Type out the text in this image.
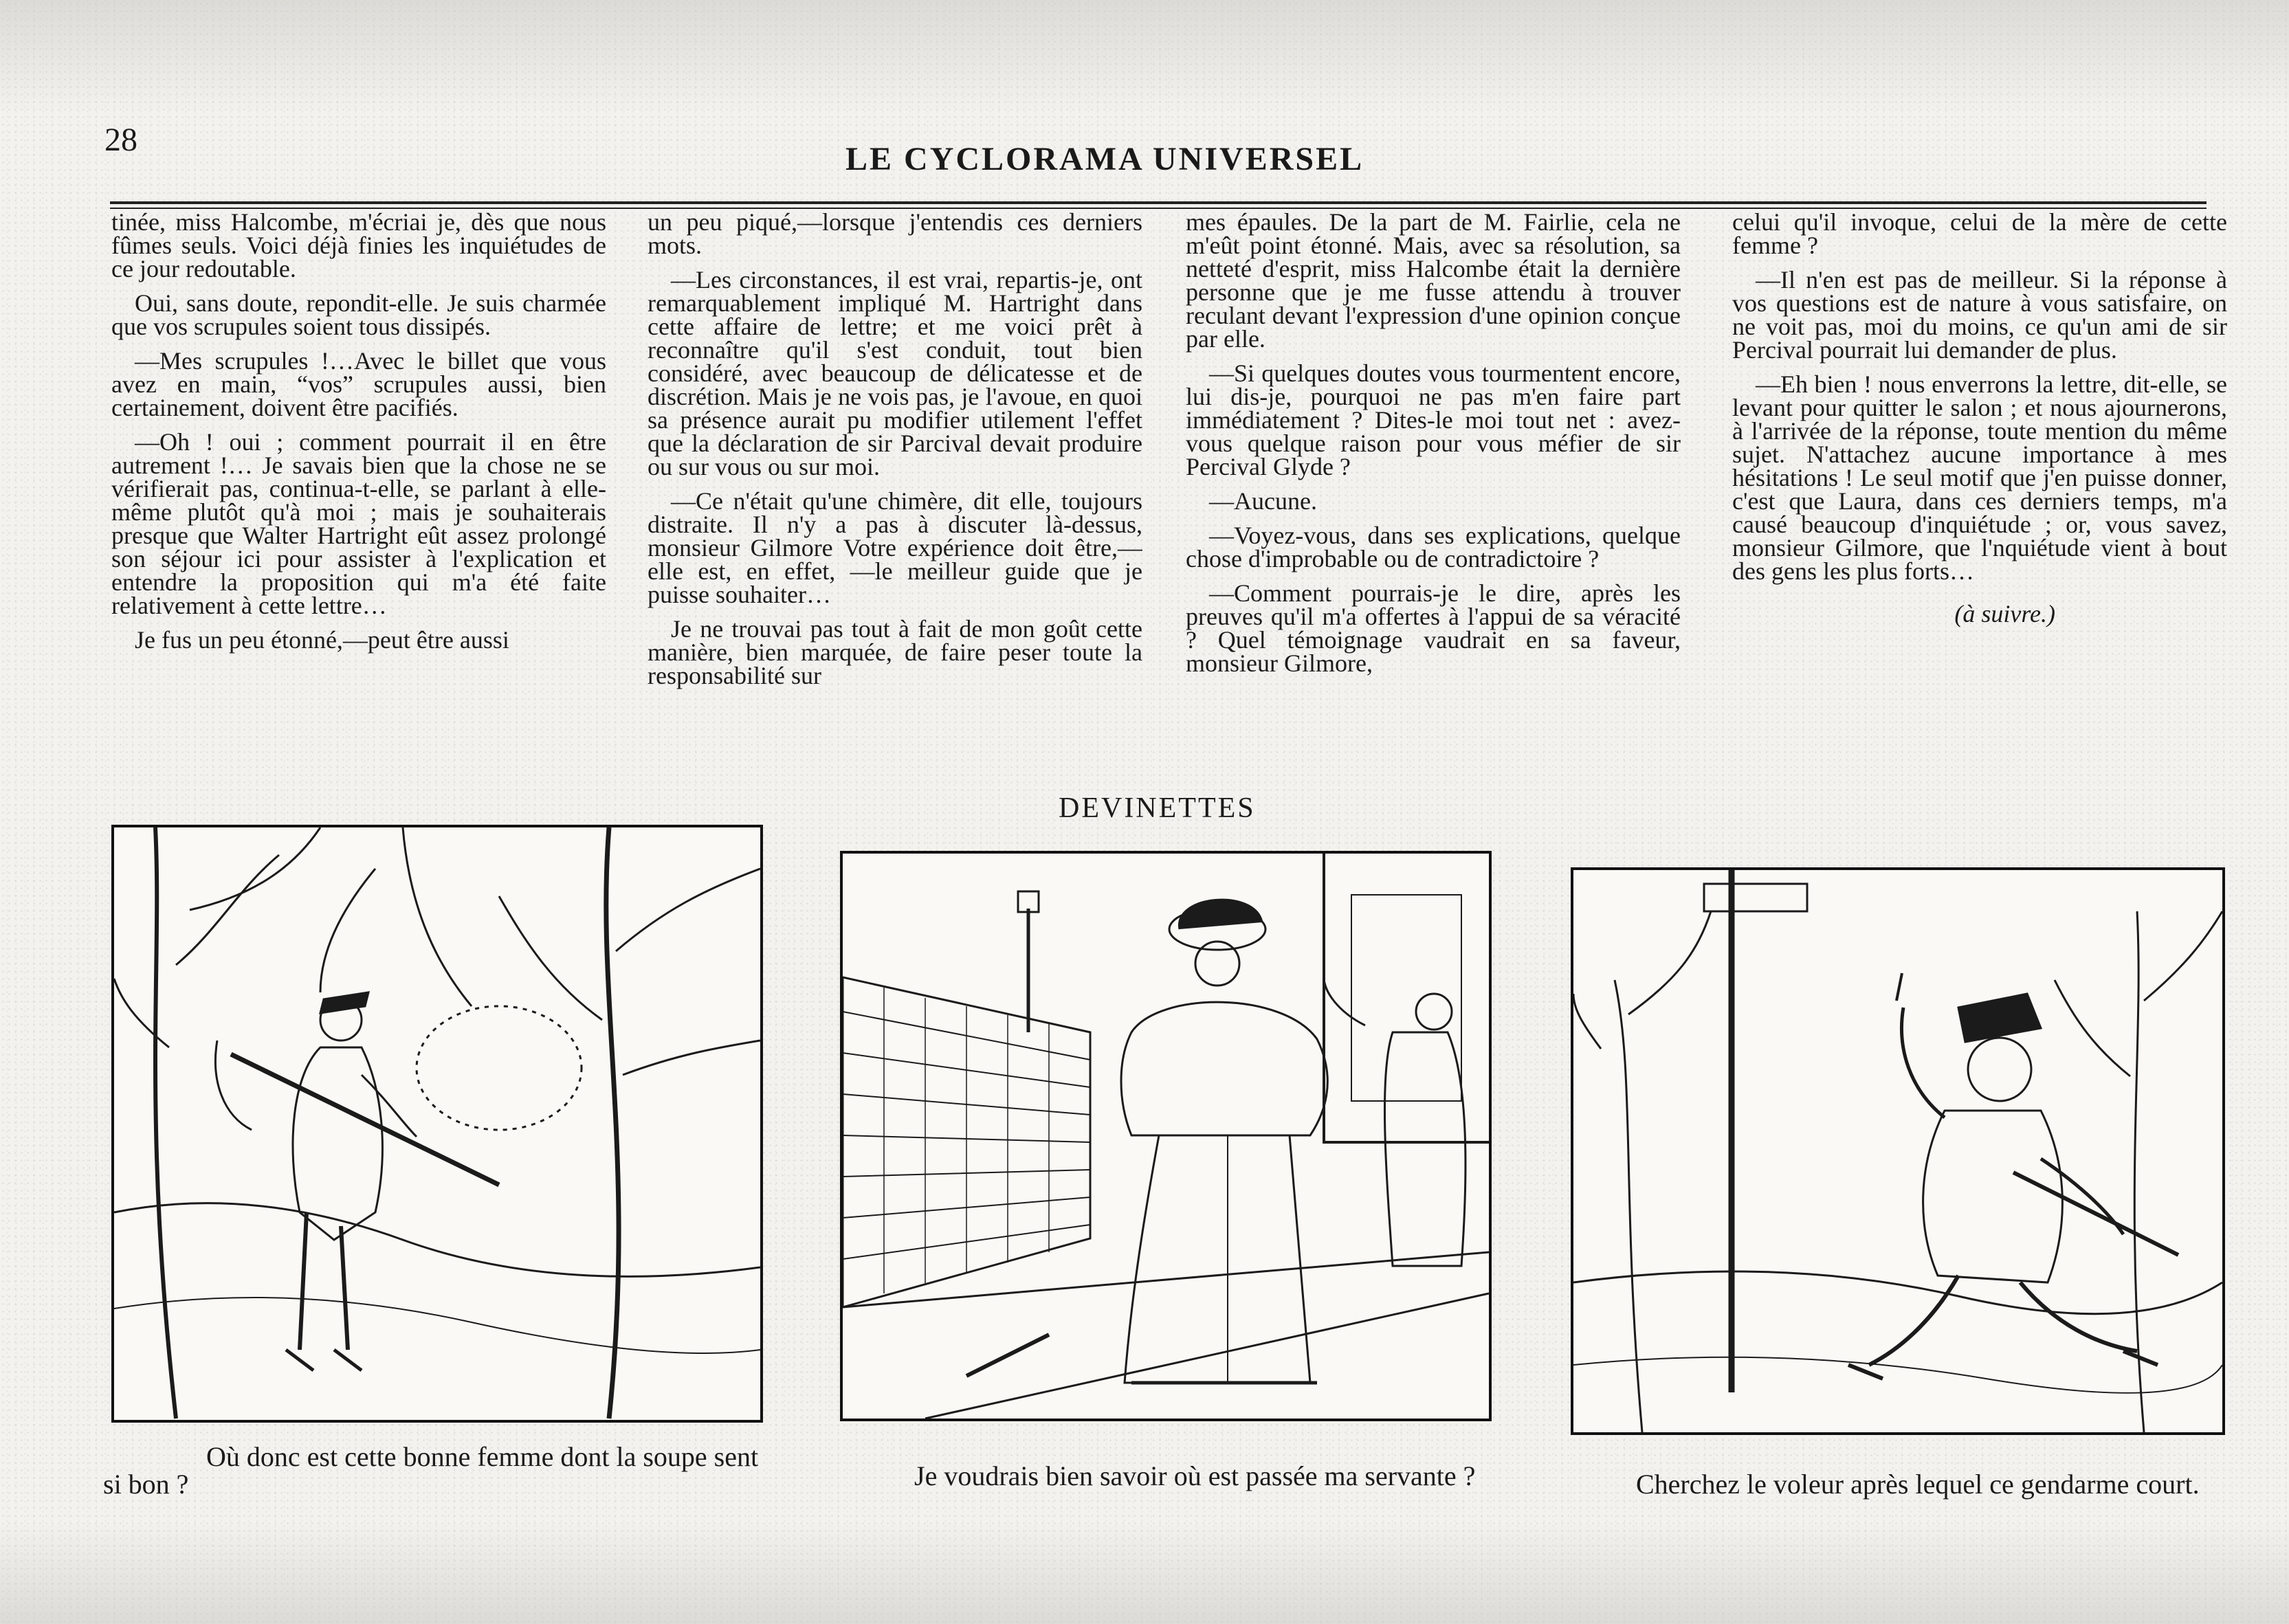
28
LE CYCLORAMA UNIVERSEL

tinée, miss Halcombe, m'écriai je, dès que nous fûmes seuls. Voici déjà finies les inquiétudes de ce jour redoutable.

Oui, sans doute, repondit-elle. Je suis charmée que vos scrupules soient tous dissipés.

—Mes scrupules !…Avec le billet que vous avez en main, “vos” scrupules aussi, bien certainement, doivent être pacifiés.

—Oh ! oui ; comment pourrait il en être autrement !… Je savais bien que la chose ne se vérifierait pas, continua-t-elle, se parlant à elle-même plutôt qu'à moi ; mais je souhaiterais presque que Walter Hartright eût assez prolongé son séjour ici pour assister à l'explication et entendre la proposition qui m'a été faite relativement à cette lettre…

Je fus un peu étonné,—peut être aussi

un peu piqué,—lorsque j'entendis ces derniers mots.

—Les circonstances, il est vrai, repartis-je, ont remarquablement impliqué M. Hartright dans cette affaire de lettre; et me voici prêt à reconnaître qu'il s'est conduit, tout bien considéré, avec beaucoup de délicatesse et de discrétion. Mais je ne vois pas, je l'avoue, en quoi sa présence aurait pu modifier utilement l'effet que la déclaration de sir Parcival devait produire ou sur vous ou sur moi.

—Ce n'était qu'une chimère, dit elle, toujours distraite. Il n'y a pas à discuter là-dessus, monsieur Gilmore Votre expérience doit être,—elle est, en effet, —le meilleur guide que je puisse souhaiter…

Je ne trouvai pas tout à fait de mon goût cette manière, bien marquée, de faire peser toute la responsabilité sur

mes épaules. De la part de M. Fairlie, cela ne m'eût point étonné. Mais, avec sa résolution, sa netteté d'esprit, miss Halcombe était la dernière personne que je me fusse attendu à trouver reculant devant l'expression d'une opinion conçue par elle.

—Si quelques doutes vous tourmentent encore, lui dis-je, pourquoi ne pas m'en faire part immédiatement ? Dites-le moi tout net : avez-vous quelque raison pour vous méfier de sir Percival Glyde ?

—Aucune.

—Voyez-vous, dans ses explications, quelque chose d'improbable ou de contradictoire ?

—Comment pourrais-je le dire, après les preuves qu'il m'a offertes à l'appui de sa véracité ? Quel témoignage vaudrait en sa faveur, monsieur Gilmore,

celui qu'il invoque, celui de la mère de cette femme ?

—Il n'en est pas de meilleur. Si la réponse à vos questions est de nature à vous satisfaire, on ne voit pas, moi du moins, ce qu'un ami de sir Percival pourrait lui demander de plus.

—Eh bien ! nous enverrons la lettre, dit-elle, se levant pour quitter le salon ; et nous ajournerons, à l'arrivée de la réponse, toute mention du même sujet. N'attachez aucune importance à mes hésitations ! Le seul motif que j'en puisse donner, c'est que Laura, dans ces derniers temps, m'a causé beaucoup d'inquiétude ; or, vous savez, monsieur Gilmore, que l'nquiétude vient à bout des gens les plus forts…

(à suivre.)

DEVINETTES
Où donc est cette bonne femme dont la soupe sent si bon ?	Je voudrais bien savoir où est passée ma servante ?	Cherchez le voleur après lequel ce gendarme court.
